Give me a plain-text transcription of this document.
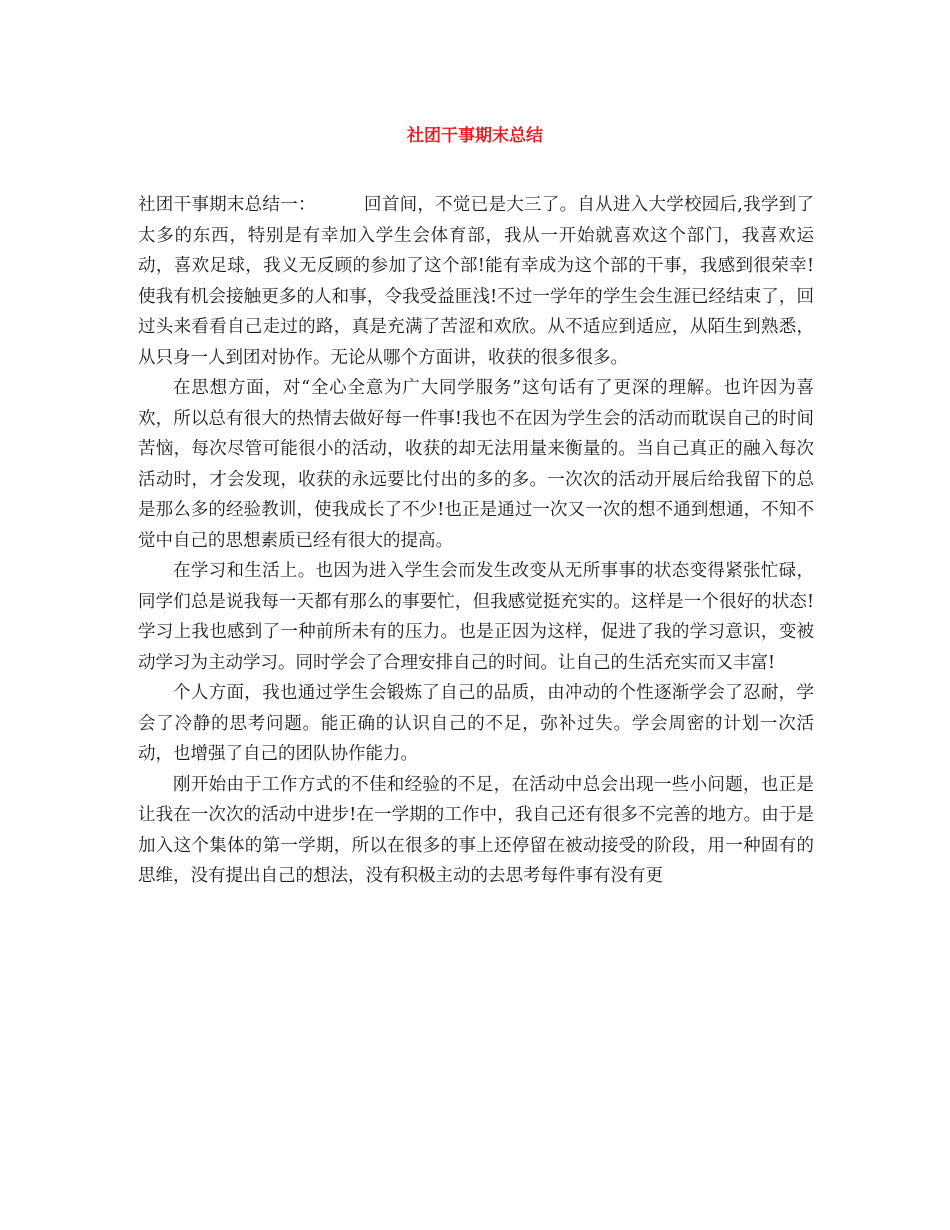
社团干事期末总结

社团干事期末总结一：	回首间，不觉已是大三了。自从进入大学校园后,我学到了太多的东西，特别是有幸加入学生会体育部，我从一开始就喜欢这个部门，我喜欢运动，喜欢足球，我义无反顾的参加了这个部!能有幸成为这个部的干事，我感到很荣幸!使我有机会接触更多的人和事，令我受益匪浅!不过一学年的学生会生涯已经结束了，回过头来看看自己走过的路，真是充满了苦涩和欢欣。从不适应到适应，从陌生到熟悉，从只身一人到团对协作。无论从哪个方面讲，收获的很多很多。

在思想方面，对“全心全意为广大同学服务”这句话有了更深的理解。也许因为喜欢，所以总有很大的热情去做好每一件事!我也不在因为学生会的活动而耽误自己的时间苦恼，每次尽管可能很小的活动，收获的却无法用量来衡量的。当自己真正的融入每次活动时，才会发现，收获的永远要比付出的多的多。一次次的活动开展后给我留下的总是那么多的经验教训，使我成长了不少!也正是通过一次又一次的想不通到想通，不知不觉中自己的思想素质已经有很大的提高。

在学习和生活上。也因为进入学生会而发生改变从无所事事的状态变得紧张忙碌，同学们总是说我每一天都有那么的事要忙，但我感觉挺充实的。这样是一个很好的状态!学习上我也感到了一种前所未有的压力。也是正因为这样，促进了我的学习意识，变被动学习为主动学习。同时学会了合理安排自己的时间。让自己的生活充实而又丰富!

个人方面，我也通过学生会锻炼了自己的品质，由冲动的个性逐渐学会了忍耐，学会了冷静的思考问题。能正确的认识自己的不足，弥补过失。学会周密的计划一次活动，也增强了自己的团队协作能力。

刚开始由于工作方式的不佳和经验的不足，在活动中总会出现一些小问题，也正是让我在一次次的活动中进步!在一学期的工作中，我自己还有很多不完善的地方。由于是加入这个集体的第一学期，所以在很多的事上还停留在被动接受的阶段，用一种固有的思维，没有提出自己的想法，没有积极主动的去思考每件事有没有更
